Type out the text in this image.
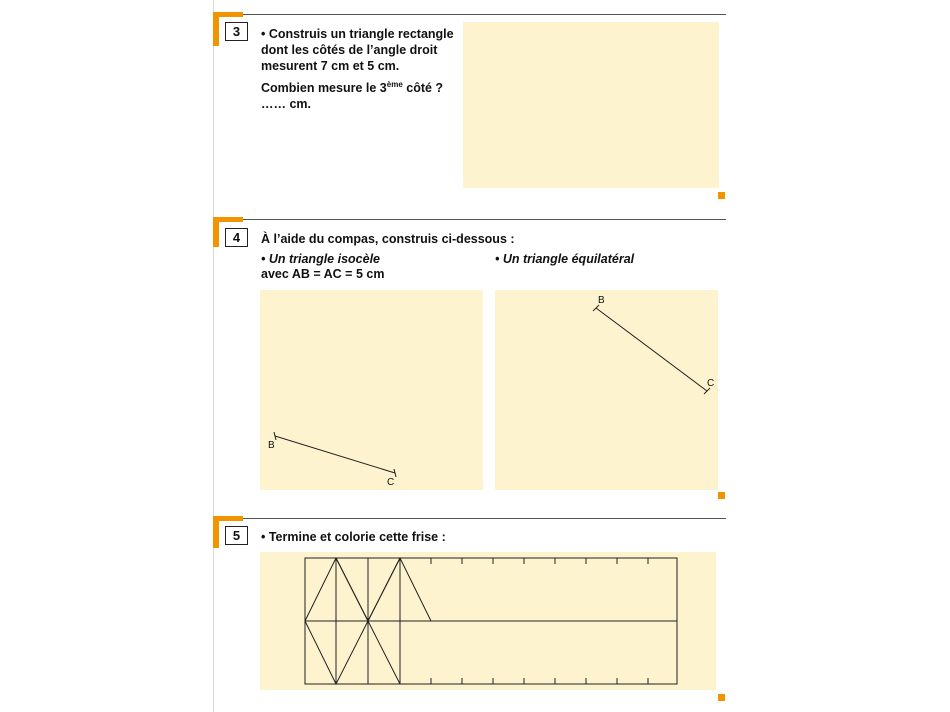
3	• Construis un triangle rectangle
dont les côtés de l’angle droit
mesurent 7 cm et 5 cm.
Combien mesure le 3ème côté ?
…… cm.
4	À l’aide du compas, construis ci-dessous :
• Un triangle isocèle
avec AB = AC = 5 cm
• Un triangle équilatéral
B
C
B
C
5	• Termine et colorie cette frise :
